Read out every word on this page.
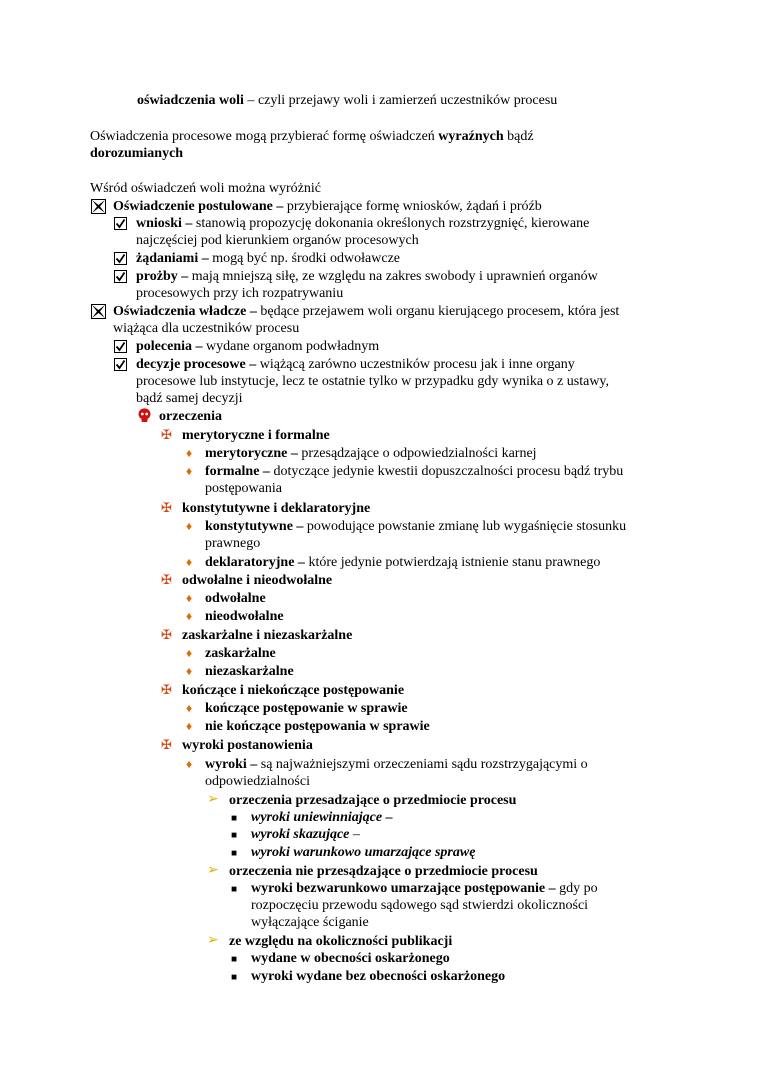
oświadczenia woli – czyli przejawy woli i zamierzeń uczestników procesu
Oświadczenia procesowe mogą przybierać formę oświadczeń wyraźnych bądź
dorozumianych
Wśród oświadczeń woli można wyróżnić
Oświadczenie postulowane – przybierające formę wniosków, żądań i próźb
wnioski – stanowią propozycję dokonania określonych rozstrzygnięć, kierowane
najczęściej pod kierunkiem organów procesowych
żądaniami – mogą być np. środki odwoławcze
prożby – mają mniejszą siłę, ze względu na zakres swobody i uprawnień organów
procesowych przy ich rozpatrywaniu
Oświadczenia władcze – będące przejawem woli organu kierującego procesem, która jest
wiążąca dla uczestników procesu
polecenia – wydane organom podwładnym
decyzje procesowe – wiążącą zarówno uczestników procesu jak i inne organy
procesowe lub instytucje, lecz te ostatnie tylko w przypadku gdy wynika o z ustawy,
bądź samej decyzji
orzeczenia
✠ merytoryczne i formalne
♦ merytoryczne – przesądzające o odpowiedzialności karnej
♦ formalne – dotyczące jedynie kwestii dopuszczalności procesu bądź trybu
postępowania
✠ konstytutywne i deklaratoryjne
♦ konstytutywne – powodujące powstanie zmianę lub wygaśnięcie stosunku
prawnego
♦ deklaratoryjne – które jedynie potwierdzają istnienie stanu prawnego
✠ odwołalne i nieodwołalne
♦ odwołalne
♦ nieodwołalne
✠ zaskarżalne i niezaskarżalne
♦ zaskarżalne
♦ niezaskarżalne
✠ kończące i niekończące postępowanie
♦ kończące postępowanie w sprawie
♦ nie kończące postępowania w sprawie
✠ wyroki postanowienia
♦ wyroki – są najważniejszymi orzeczeniami sądu rozstrzygającymi o
odpowiedzialności
➢ orzeczenia przesadzające o przedmiocie procesu
■ wyroki uniewinniające –
■ wyroki skazujące –
■ wyroki warunkowo umarzające sprawę
➢ orzeczenia nie przesądzające o przedmiocie procesu
■ wyroki bezwarunkowo umarzające postępowanie – gdy po
rozpoczęciu przewodu sądowego sąd stwierdzi okoliczności
wyłączające ściganie
➢ ze względu na okoliczności publikacji
■ wydane w obecności oskarżonego
■ wyroki wydane bez obecności oskarżonego
